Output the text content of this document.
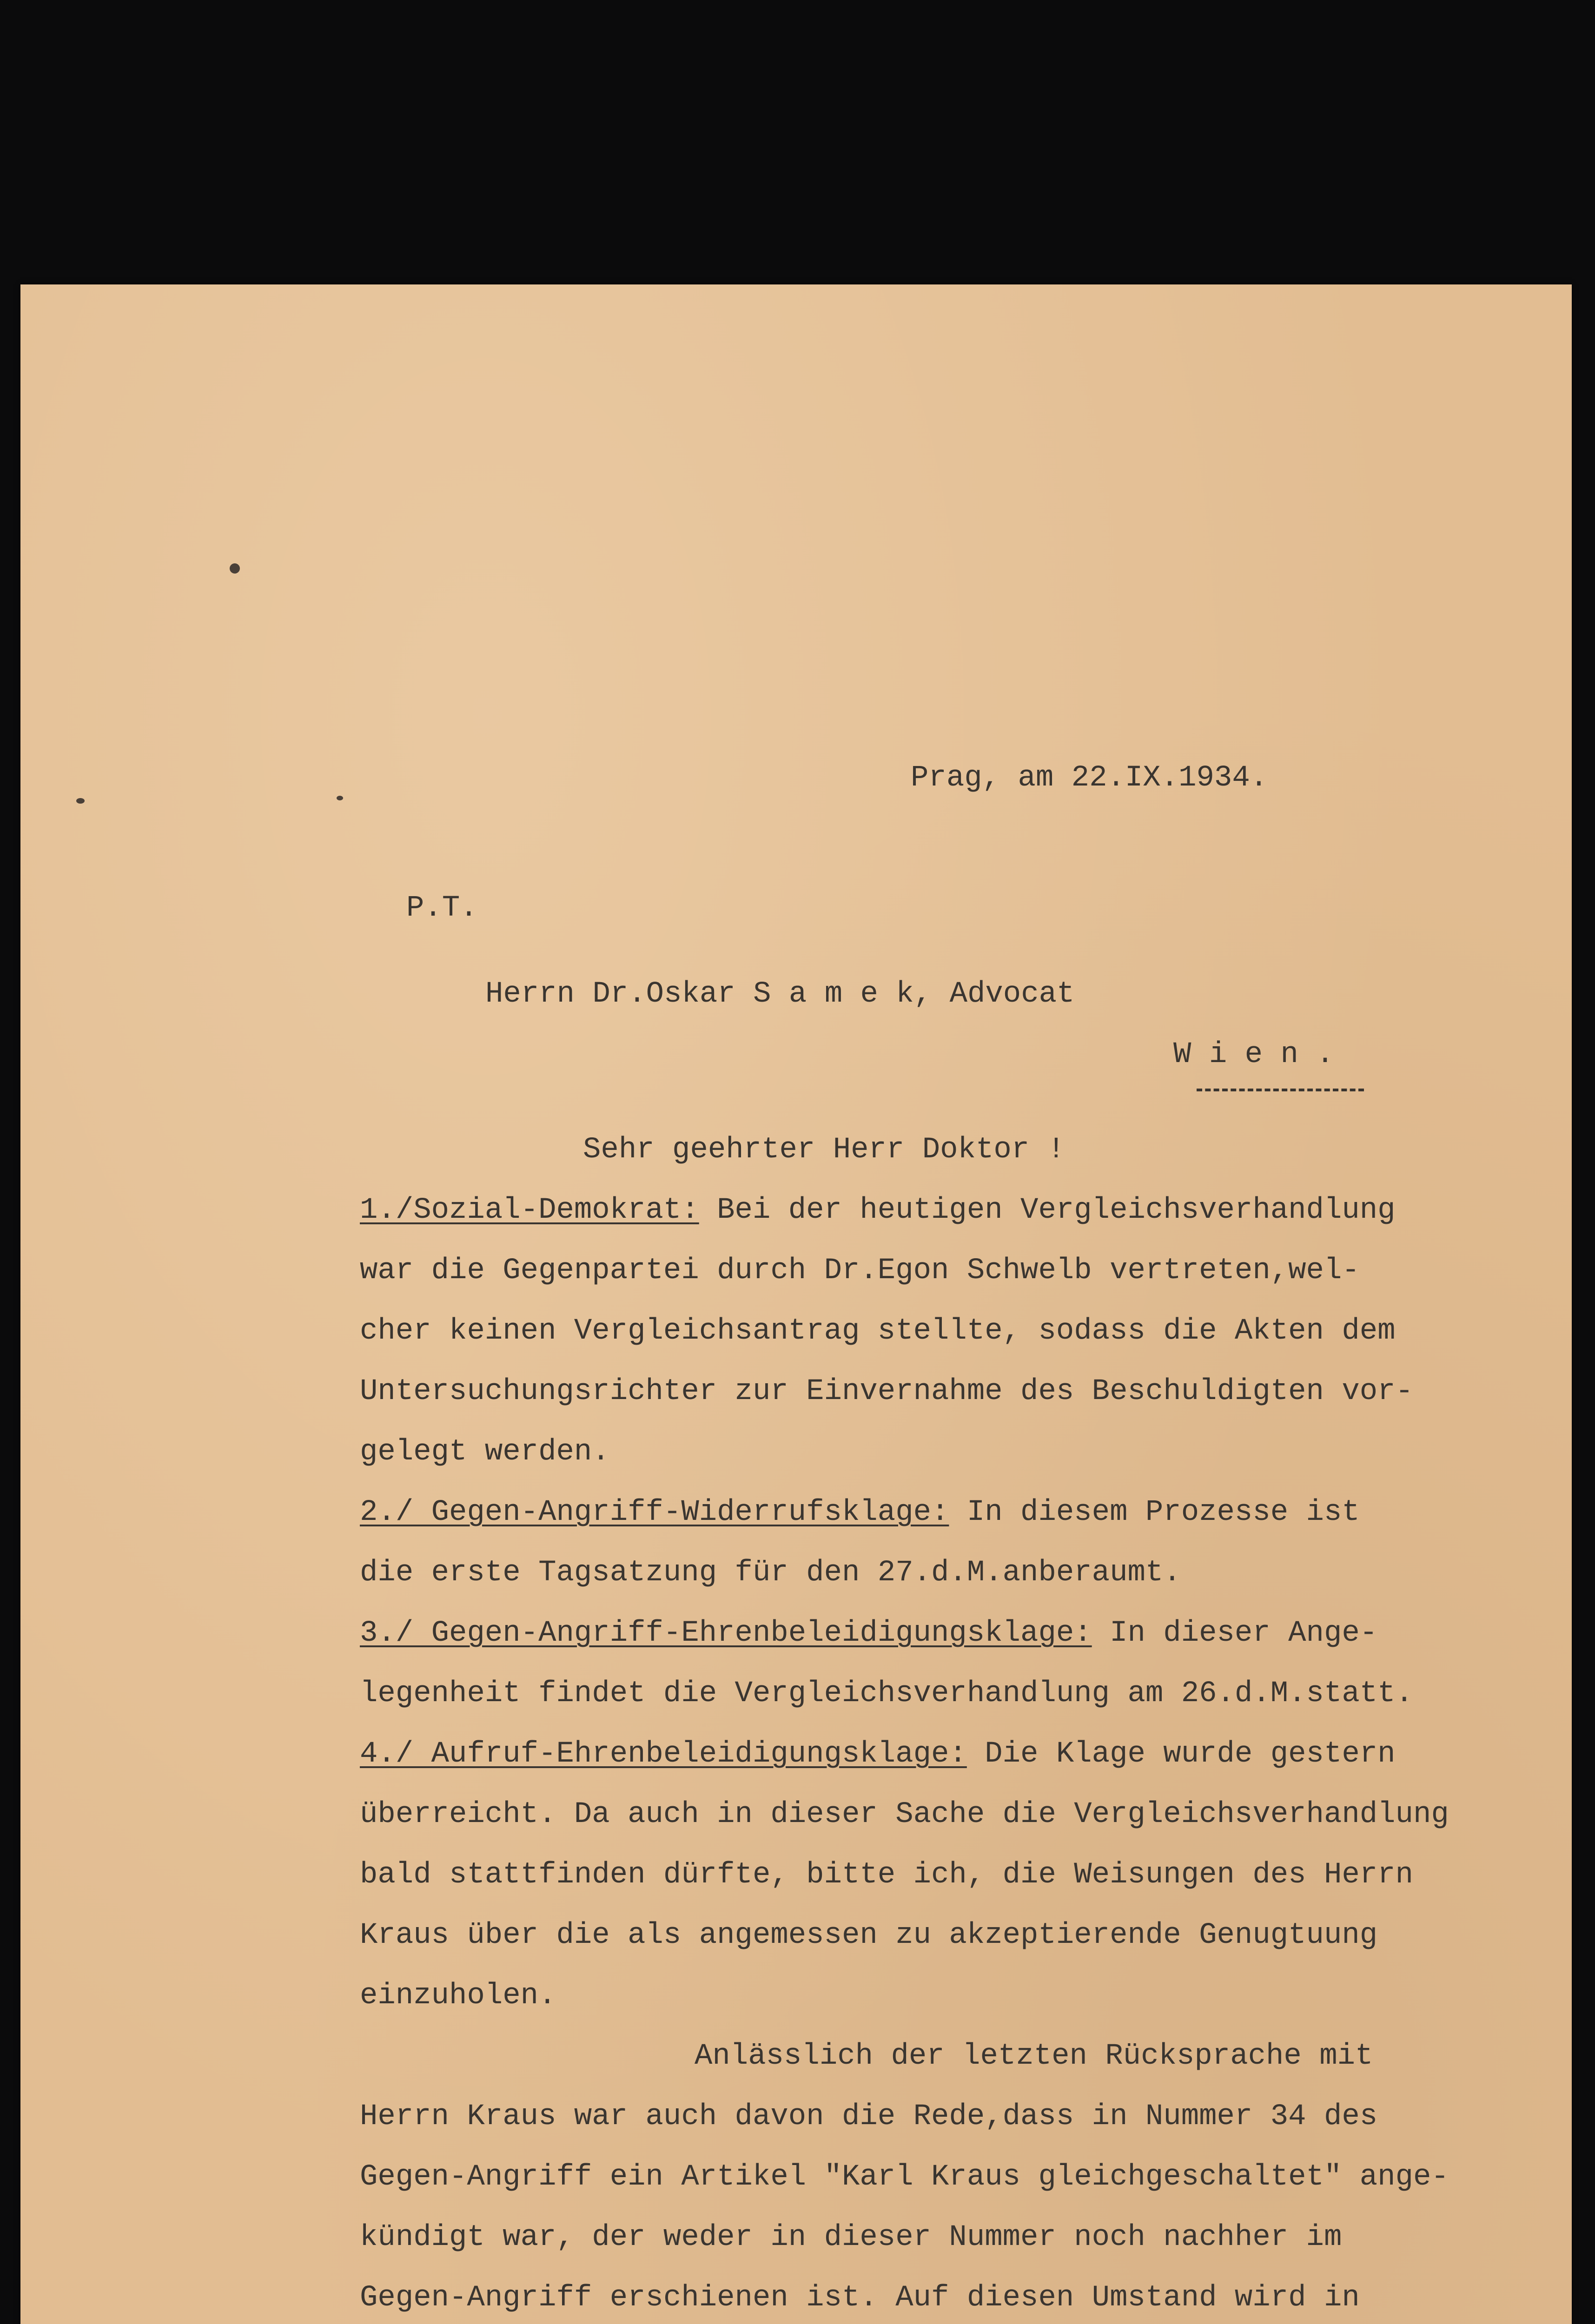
Prag, am 22.IX.1934.
P.T.
Herrn Dr.Oskar S a m e k, Advocat
W i e n .
Sehr geehrter Herr Doktor !
1./Sozial-Demokrat: Bei der heutigen Vergleichsverhandlung
war die Gegenpartei durch Dr.Egon Schwelb vertreten,wel-
cher keinen Vergleichsantrag stellte, sodass die Akten dem
Untersuchungsrichter zur Einvernahme des Beschuldigten vor-
gelegt werden.
2./ Gegen-Angriff-Widerrufsklage: In diesem Prozesse ist
die erste Tagsatzung für den 27.d.M.anberaumt.
3./ Gegen-Angriff-Ehrenbeleidigungsklage: In dieser Ange-
legenheit findet die Vergleichsverhandlung am 26.d.M.statt.
4./ Aufruf-Ehrenbeleidigungsklage: Die Klage wurde gestern
überreicht. Da auch in dieser Sache die Vergleichsverhandlung
bald stattfinden dürfte, bitte ich, die Weisungen des Herrn
Kraus über die als angemessen zu akzeptierende Genugtuung
einzuholen.
Anlässlich der letzten Rücksprache mit
Herrn Kraus war auch davon die Rede,dass in Nummer 34 des
Gegen-Angriff ein Artikel "Karl Kraus gleichgeschaltet" ange-
kündigt war, der weder in dieser Nummer noch nachher im
Gegen-Angriff erschienen ist. Auf diesen Umstand wird in
